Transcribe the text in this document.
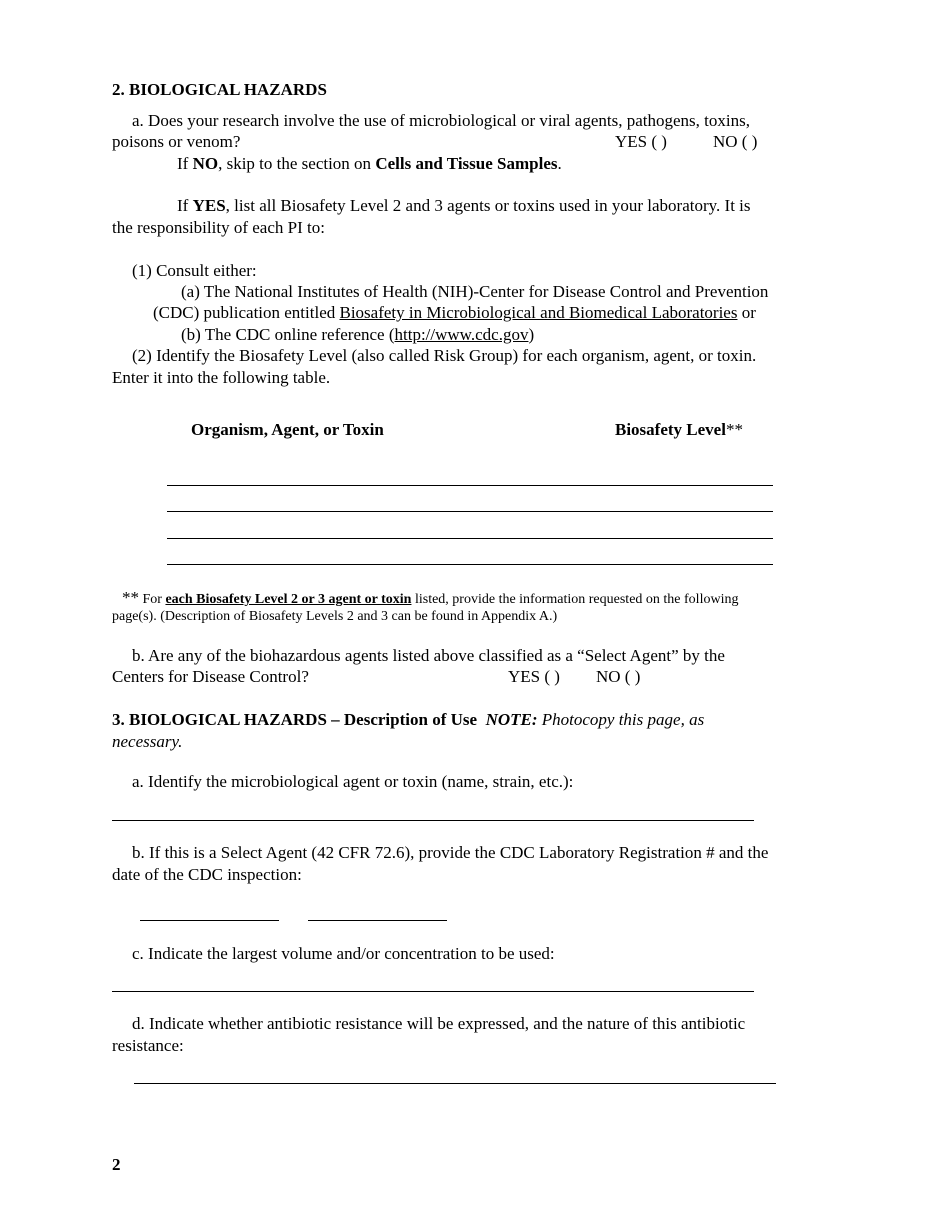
2. BIOLOGICAL HAZARDS
a. Does your research involve the use of microbiological or viral agents, pathogens, toxins,
poisons or venom?	YES ( )	NO ( )
If NO, skip to the section on Cells and Tissue Samples.
If YES, list all Biosafety Level 2 and 3 agents or toxins used in your laboratory. It is
the responsibility of each PI to:
(1) Consult either:
(a) The National Institutes of Health (NIH)-Center for Disease Control and Prevention
(CDC) publication entitled Biosafety in Microbiological and Biomedical Laboratories or
(b) The CDC online reference (http://www.cdc.gov)
(2) Identify the Biosafety Level (also called Risk Group) for each organism, agent, or toxin.
Enter it into the following table.
Organism, Agent, or Toxin	Biosafety Level**
** For each Biosafety Level 2 or 3 agent or toxin listed, provide the information requested on the following
page(s). (Description of Biosafety Levels 2 and 3 can be found in Appendix A.)
b. Are any of the biohazardous agents listed above classified as a “Select Agent” by the
Centers for Disease Control?	YES ( ) NO ( )
3. BIOLOGICAL HAZARDS – Description of Use NOTE: Photocopy this page, as
necessary.
a. Identify the microbiological agent or toxin (name, strain, etc.):
b. If this is a Select Agent (42 CFR 72.6), provide the CDC Laboratory Registration # and the
date of the CDC inspection:
c. Indicate the largest volume and/or concentration to be used:
d. Indicate whether antibiotic resistance will be expressed, and the nature of this antibiotic
resistance:
2
